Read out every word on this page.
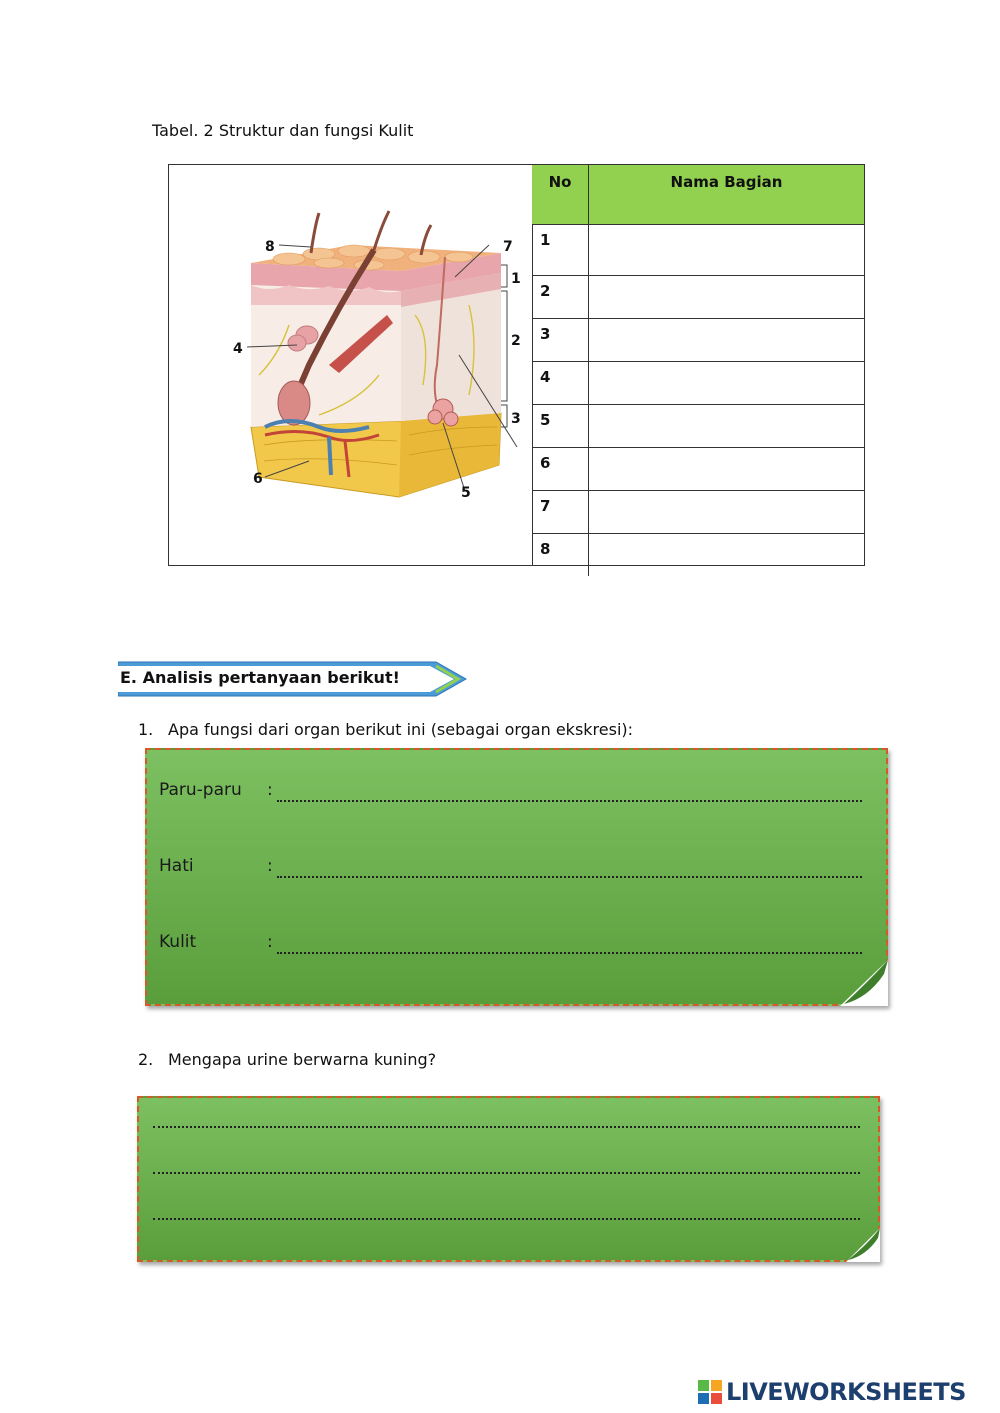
Tabel. 2 Struktur dan fungsi Kulit
8	7
1
2
3
4
5
6
No	Nama Bagian
1	
2	
3	
4	
5	
6	
7	
8	
E. Analisis pertanyaan berikut!
1. Apa fungsi dari organ berikut ini (sebagai organ ekskresi):
Paru-paru :
Hati	:
Kulit	:
2. Mengapa urine berwarna kuning?
LIVEWORKSHEETS
